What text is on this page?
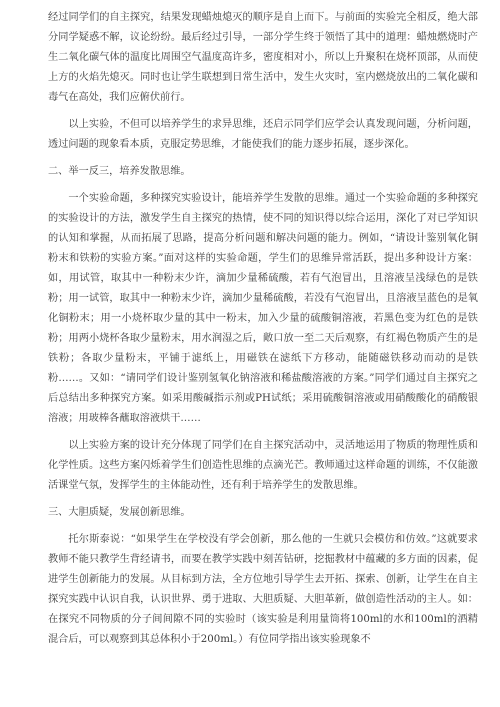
经过同学们的自主探究，结果发现蜡烛熄灭的顺序是自上而下。与前面的实验完全相反，绝大部分同学疑惑不解，议论纷纷。最后经过引导，一部分学生终于领悟了其中的道理：蜡烛燃烧时产生二氧化碳气体的温度比周围空气温度高许多，密度相对小，所以上升聚积在烧杯顶部，从而使上方的火焰先熄灭。同时也让学生联想到日常生活中，发生火灾时，室内燃烧放出的二氧化碳和毒气在高处，我们应俯伏前行。

以上实验，不但可以培养学生的求异思维，还启示同学们应学会认真发现问题，分析问题，透过问题的现象看本质，克服定势思维，才能使我们的能力逐步拓展，逐步深化。

二、举一反三，培养发散思维。

一个实验命题，多种探究实验设计，能培养学生发散的思维。通过一个实验命题的多种探究的实验设计的方法，激发学生自主探究的热情，使不同的知识得以综合运用，深化了对已学知识的认知和掌握，从而拓展了思路，提高分析问题和解决问题的能力。例如，“请设计鉴别氧化铜粉末和铁粉的实验方案。”面对这样的实验命题，学生们的思维异常活跃，提出多种设计方案：如，用试管，取其中一种粉末少许，滴加少量稀硫酸，若有气泡冒出，且溶液呈浅绿色的是铁粉；用一试管，取其中一种粉末少许，滴加少量稀硫酸，若没有气泡冒出，且溶液呈蓝色的是氧化铜粉末；用一小烧杯取少量的其中一粉末，加入少量的硫酸铜溶液，若黑色变为红色的是铁粉；用两小烧杯各取少量粉末，用水润湿之后，敞口放一至二天后观察，有红褐色物质产生的是铁粉；各取少量粉末，平铺于滤纸上，用磁铁在滤纸下方移动，能随磁铁移动而动的是铁粉……。又如：“请同学们设计鉴别氢氧化钠溶液和稀盐酸溶液的方案。”同学们通过自主探究之后总结出多种探究方案。如采用酸碱指示剂或PH试纸；采用硫酸铜溶液或用硝酸酸化的硝酸银溶液；用玻棒各蘸取溶液烘干……

以上实验方案的设计充分体现了同学们在自主探究活动中，灵活地运用了物质的物理性质和化学性质。这些方案闪烁着学生们创造性思维的点滴光芒。教师通过这样命题的训练，不仅能激活课堂气氛，发挥学生的主体能动性，还有利于培养学生的发散思维。

三、大胆质疑，发展创新思维。

托尔斯泰说：“如果学生在学校没有学会创新，那么他的一生就只会模仿和仿效。”这就要求教师不能只教学生背经请书，而要在教学实践中刻苦钻研，挖掘教材中蕴藏的多方面的因素，促进学生创新能力的发展。从目标到方法，全方位地引导学生去开拓、探索、创新，让学生在自主探究实践中认识自我，认识世界、勇于进取、大胆质疑、大胆革新，做创造性活动的主人。如：在探究不同物质的分子间间隙不同的实验时（该实验是利用量筒将100ml的水和100ml的酒精混合后，可以观察到其总体积小于200ml。）有位同学指出该实验现象不
